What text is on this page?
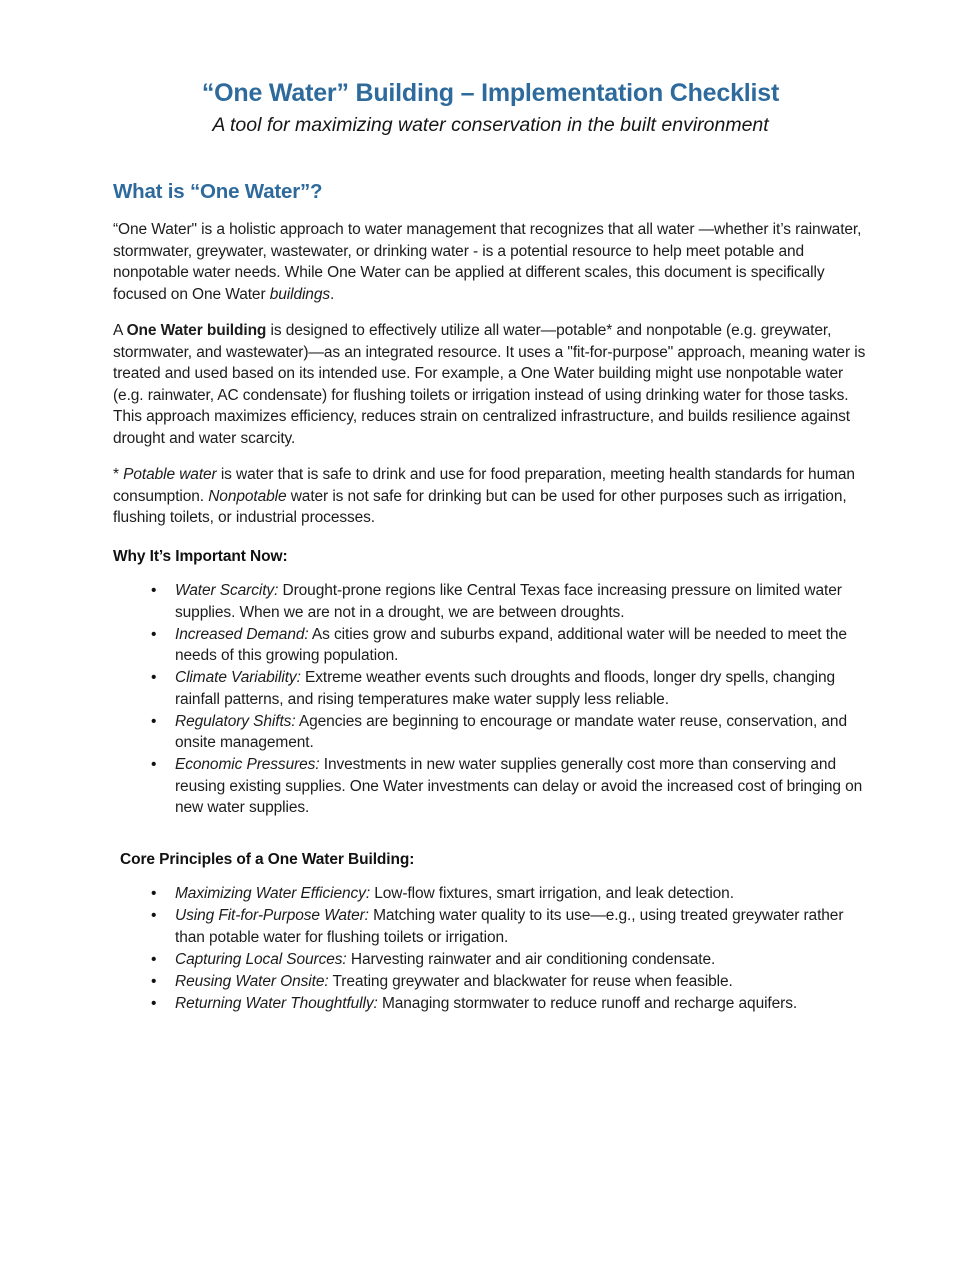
“One Water” Building – Implementation Checklist
A tool for maximizing water conservation in the built environment
What is “One Water”?

“One Water" is a holistic approach to water management that recognizes that all water —whether it’s rainwater, stormwater, greywater, wastewater, or drinking water - is a potential resource to help meet potable and nonpotable water needs. While One Water can be applied at different scales, this document is specifically focused on One Water buildings.

A One Water building is designed to effectively utilize all water—potable* and nonpotable (e.g. greywater, stormwater, and wastewater)—as an integrated resource. It uses a "fit-for-purpose" approach, meaning water is treated and used based on its intended use. For example, a One Water building might use nonpotable water (e.g. rainwater, AC condensate) for flushing toilets or irrigation instead of using drinking water for those tasks. This approach maximizes efficiency, reduces strain on centralized infrastructure, and builds resilience against drought and water scarcity.

* Potable water is water that is safe to drink and use for food preparation, meeting health standards for human consumption. Nonpotable water is not safe for drinking but can be used for other purposes such as irrigation, flushing toilets, or industrial processes.

Why It’s Important Now:
• Water Scarcity: Drought-prone regions like Central Texas face increasing pressure on limited water supplies. When we are not in a drought, we are between droughts.
• Increased Demand: As cities grow and suburbs expand, additional water will be needed to meet the needs of this growing population.
• Climate Variability: Extreme weather events such droughts and floods, longer dry spells, changing rainfall patterns, and rising temperatures make water supply less reliable.
• Regulatory Shifts: Agencies are beginning to encourage or mandate water reuse, conservation, and onsite management.
• Economic Pressures: Investments in new water supplies generally cost more than conserving and reusing existing supplies. One Water investments can delay or avoid the increased cost of bringing on new water supplies.
Core Principles of a One Water Building:
• Maximizing Water Efficiency: Low-flow fixtures, smart irrigation, and leak detection.
• Using Fit-for-Purpose Water: Matching water quality to its use—e.g., using treated greywater rather than potable water for flushing toilets or irrigation.
• Capturing Local Sources: Harvesting rainwater and air conditioning condensate.
• Reusing Water Onsite: Treating greywater and blackwater for reuse when feasible.
• Returning Water Thoughtfully: Managing stormwater to reduce runoff and recharge aquifers.
